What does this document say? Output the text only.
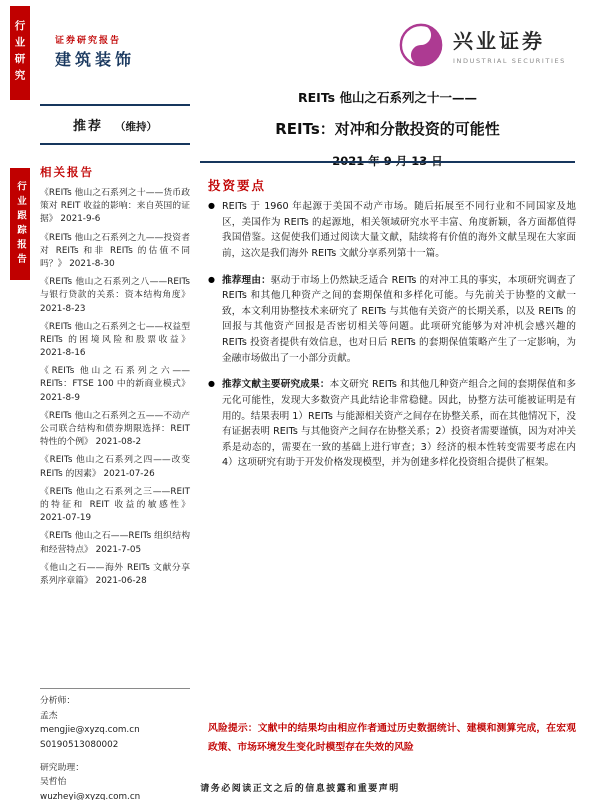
行业研究
行业跟踪报告
证券研究报告
建筑装饰
兴业证券
INDUSTRIAL SECURITIES
REITs 他山之石系列之十一——
REITs：对冲和分散投资的可能性
推荐 （维持）
相关报告
《REITs 他山之石系列之十——货币政策对 REIT 收益的影响：来自英国的证据》 2021-9-6
《REITs 他山之石系列之九——投资者对 REITs 和非 REITs 的估值不同吗？》 2021-8-30
《REITs 他山之石系列之八——REITs 与银行贷款的关系：资本结构角度》 2021-8-23
《REITs 他山之石系列之七——权益型 REITs 的困境风险和股票收益》 2021-8-16
《REITs 他山之石系列之六——REITs：FTSE 100 中的新商业模式》 2021-8-9
《REITs 他山之石系列之五——不动产公司联合结构和债券期限选择：REIT 特性的个例》 2021-08-2
《REITs 他山之石系列之四——改变 REITs 的因素》 2021-07-26
《REITs 他山之石系列之三——REIT 的特征和 REIT 收益的敏感性》 2021-07-19
《REITs 他山之石——REITs 组织结构和经营特点》 2021-7-05
《他山之石——海外 REITs 文献分享系列序章篇》 2021-06-28
分析师：
孟杰
mengjie@xyzq.com.cn
S0190513080002
研究助理：
吴哲怡
wuzheyi@xyzq.com.cn
投资要点
● REITs 于 1960 年起源于美国不动产市场。随后拓展至不同行业和不同国家及地区，美国作为 REITs 的起源地，相关领域研究水平丰富、角度新颖，各方面都值得我国借鉴。这促使我们通过阅读大量文献，陆续将有价值的海外文献呈现在大家面前，这次是我们海外 REITs 文献分享系列第十一篇。

● 推荐理由：驱动于市场上仍然缺乏适合 REITs 的对冲工具的事实，本项研究调查了 REITs 和其他几种资产之间的套期保值和多样化可能。与先前关于协整的文献一致，本文利用协整技术来研究了 REITs 与其他有关资产的长期关系，以及 REITs 的回报与其他资产回报是否密切相关等问题。此项研究能够为对冲机会感兴趣的 REITs 投资者提供有效信息，也对日后 REITs 的套期保值策略产生了一定影响，为金融市场做出了一小部分贡献。

● 推荐文献主要研究成果：本文研究 REITs 和其他几种资产组合之间的套期保值和多元化可能性，发现大多数资产具此结论非常稳健。因此，协整方法可能被证明是有用的。结果表明 1）REITs 与能源相关资产之间存在协整关系，而在其他情况下，没有证据表明 REITs 与其他资产之间存在协整关系；2）投资者需要谨慎，因为对冲关系是动态的，需要在一致的基础上进行审查；3）经济的根本性转变需要考虑在内 4）这项研究有助于开发价格发现模型，并为创建多样化投资组合提供了框架。

风险提示：文献中的结果均由相应作者通过历史数据统计、建模和测算完成，在宏观政策、市场环境发生变化时模型存在失效的风险
请务必阅读正文之后的信息披露和重要声明
